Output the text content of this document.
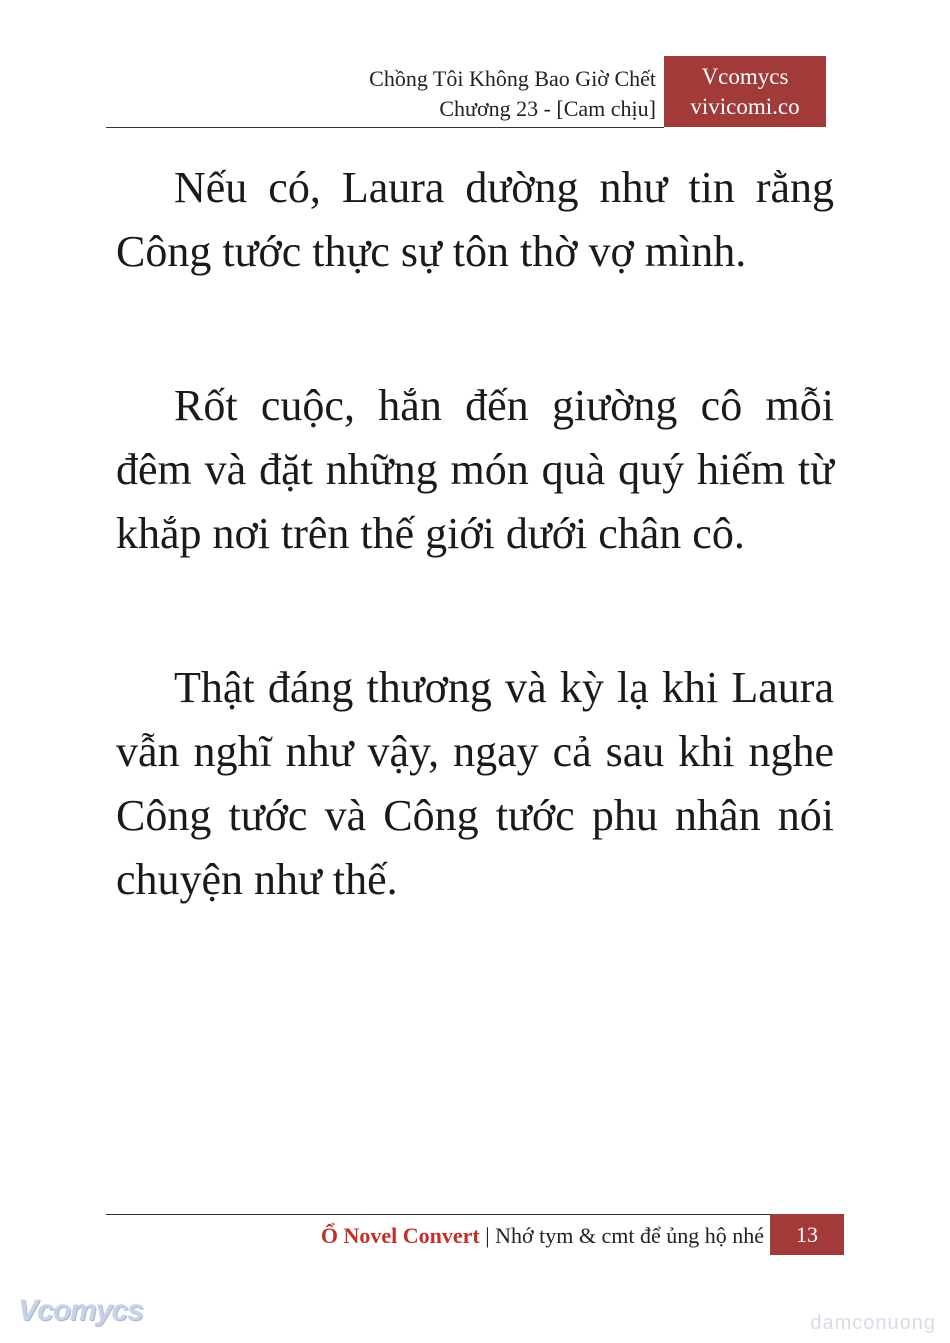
Chồng Tôi Không Bao Giờ Chết
Chương 23 - [Cam chịu]
Vcomycs
vivicomi.co

Nếu có, Laura dường như tin rằng Công tước thực sự tôn thờ vợ mình.

Rốt cuộc, hắn đến giường cô mỗi đêm và đặt những món quà quý hiếm từ khắp nơi trên thế giới dưới chân cô.

Thật đáng thương và kỳ lạ khi Laura vẫn nghĩ như vậy, ngay cả sau khi nghe Công tước và Công tước phu nhân nói chuyện như thế.

Ổ Novel Convert | Nhớ tym & cmt để ủng hộ nhé	13
Vcomycs	damconuong
